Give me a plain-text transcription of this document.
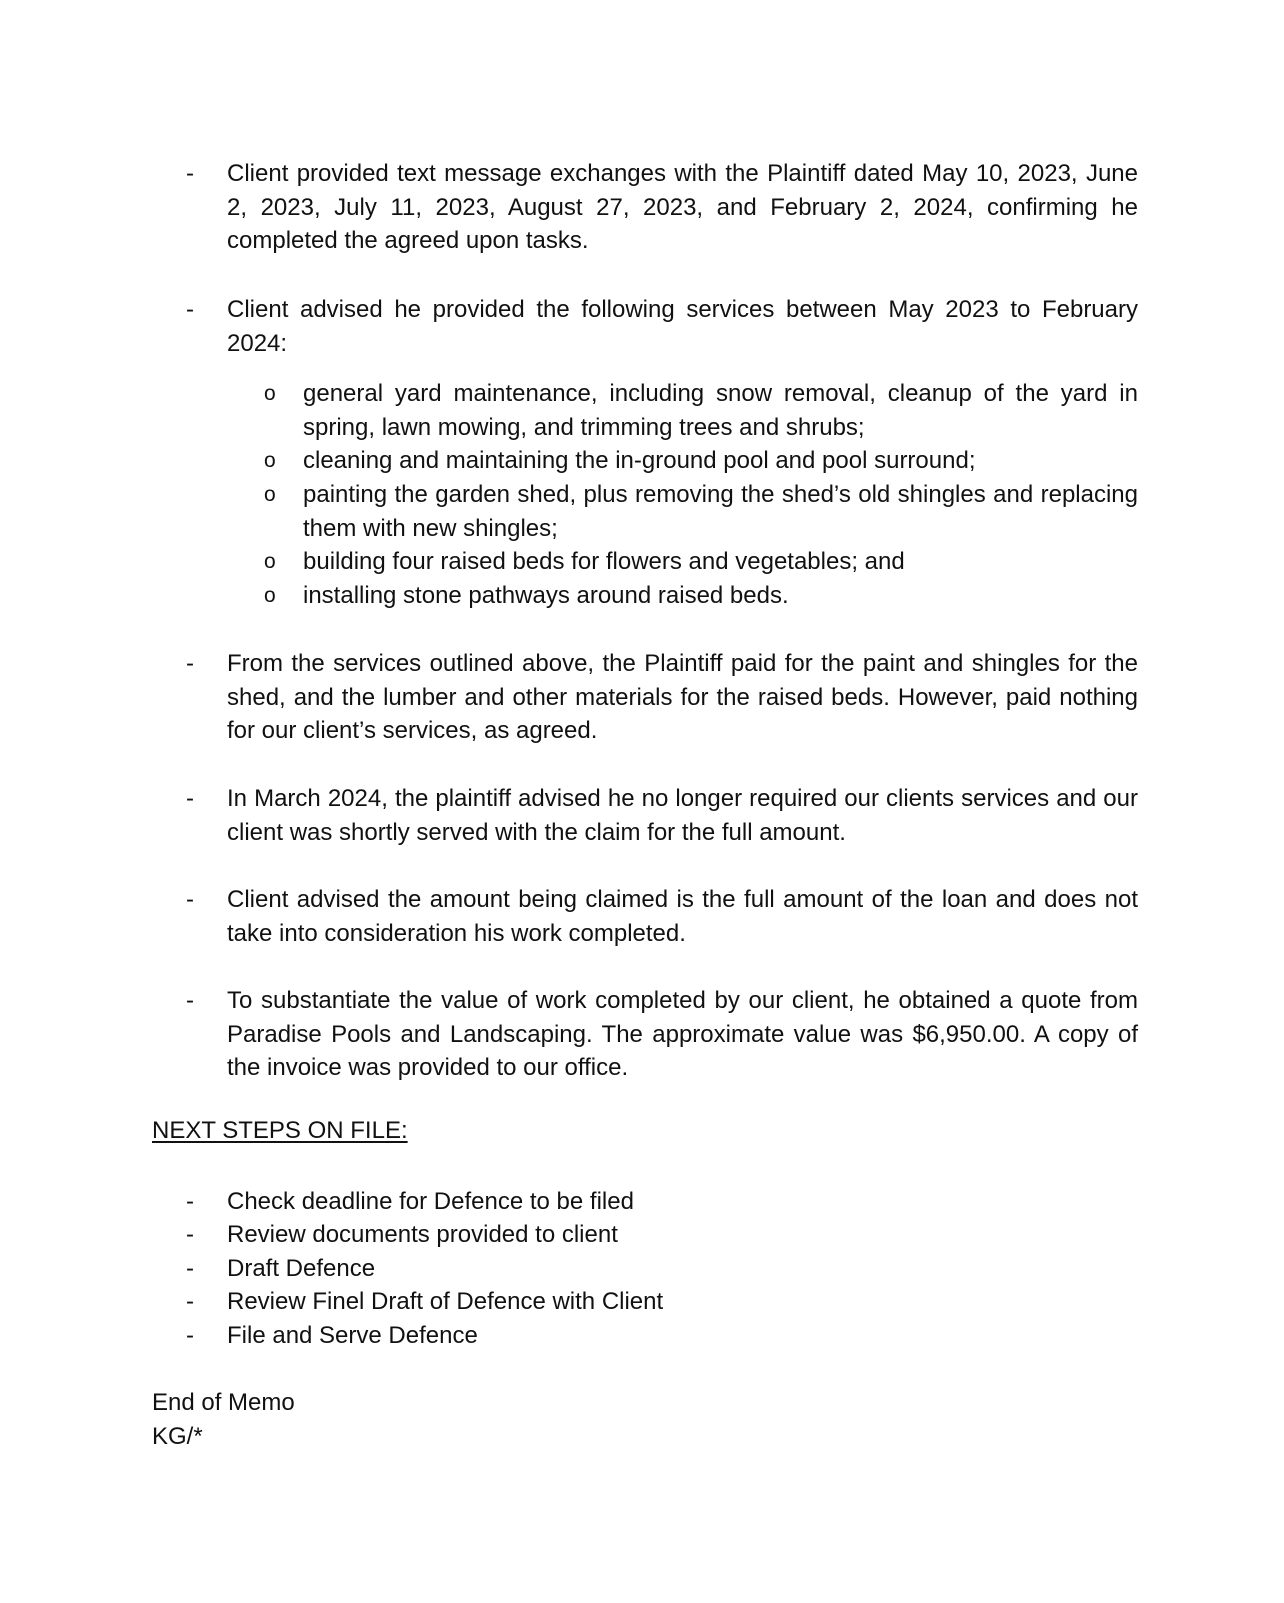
-	Client provided text message exchanges with the Plaintiff dated May 10, 2023, June 2, 2023, July 11, 2023, August 27, 2023, and February 2, 2024, confirming he completed the agreed upon tasks.
-	Client advised he provided the following services between May 2023 to February 2024:
o	general yard maintenance, including snow removal, cleanup of the yard in spring, lawn mowing, and trimming trees and shrubs;
o	cleaning and maintaining the in-ground pool and pool surround;
o	painting the garden shed, plus removing the shed’s old shingles and replacing them with new shingles;
o	building four raised beds for flowers and vegetables; and
o	installing stone pathways around raised beds.
-	From the services outlined above, the Plaintiff paid for the paint and shingles for the shed, and the lumber and other materials for the raised beds. However, paid nothing for our client’s services, as agreed.
-	In March 2024, the plaintiff advised he no longer required our clients services and our client was shortly served with the claim for the full amount.
-	Client advised the amount being claimed is the full amount of the loan and does not take into consideration his work completed.
-	To substantiate the value of work completed by our client, he obtained a quote from Paradise Pools and Landscaping. The approximate value was $6,950.00. A copy of the invoice was provided to our office.
NEXT STEPS ON FILE:
- Check deadline for Defence to be filed
- Review documents provided to client
- Draft Defence
- Review Finel Draft of Defence with Client
- File and Serve Defence
End of Memo
KG/*
